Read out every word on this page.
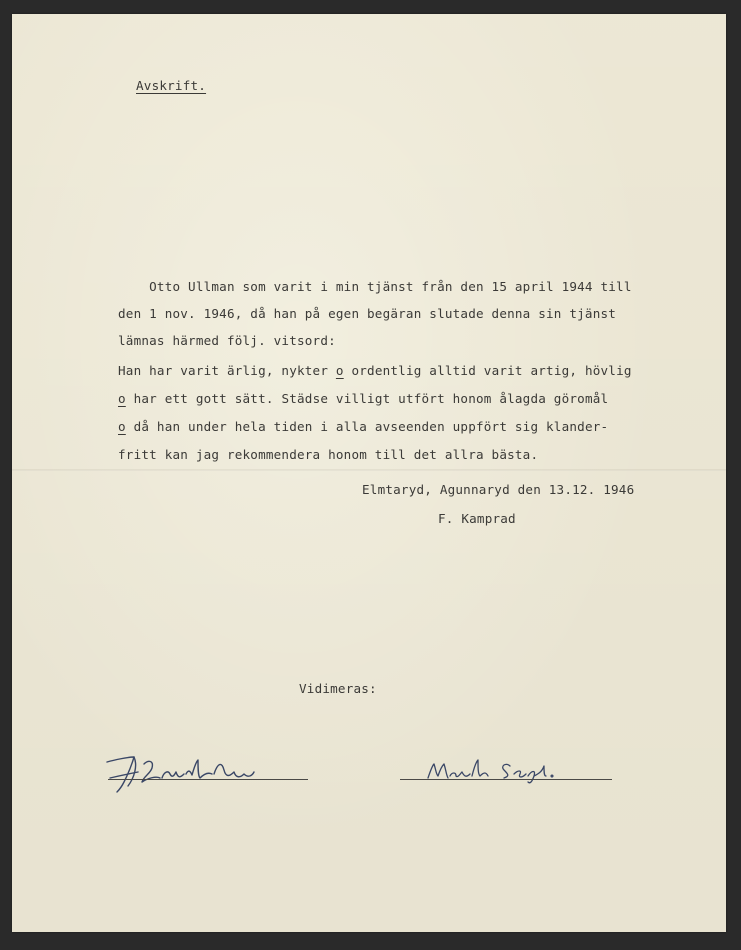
Avskrift.
Otto Ullman som varit i min tjänst från den 15 april 1944 till
den 1 nov. 1946, då han på egen begäran slutade denna sin tjänst
lämnas härmed följ. vitsord:
Han har varit ärlig, nykter o ordentlig alltid varit artig, hövlig
o har ett gott sätt. Städse villigt utfört honom ålagda göromål
o då han under hela tiden i alla avseenden uppfört sig klander-
fritt kan jag rekommendera honom till det allra bästa.
Elmtaryd, Agunnaryd den 13.12. 1946
F. Kamprad
Vidimeras:
